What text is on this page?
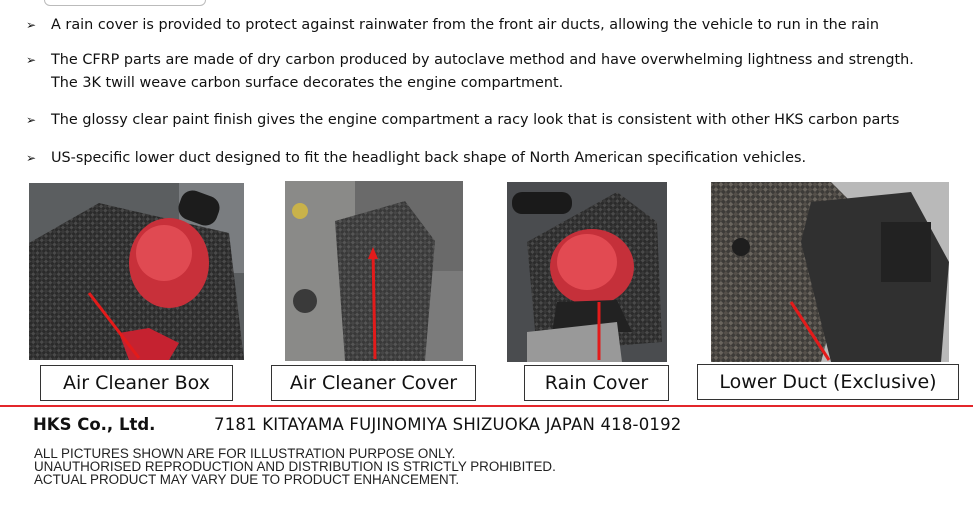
➢	A rain cover is provided to protect against rainwater from the front air ducts, allowing the vehicle to run in the rain
➢	The CFRP parts are made of dry carbon produced by autoclave method and have overwhelming lightness and strength.
The 3K twill weave carbon surface decorates the engine compartment.
➢	The glossy clear paint finish gives the engine compartment a racy look that is consistent with other HKS carbon parts
➢	US-specific lower duct designed to fit the headlight back shape of North American specification vehicles.
Air Cleaner Box	Air Cleaner Cover	Rain Cover	Lower Duct (Exclusive)
HKS Co., Ltd.	7181 KITAYAMA FUJINOMIYA SHIZUOKA JAPAN 418-0192
ALL PICTURES SHOWN ARE FOR ILLUSTRATION PURPOSE ONLY.
UNAUTHORISED REPRODUCTION AND DISTRIBUTION IS STRICTLY PROHIBITED.
ACTUAL PRODUCT MAY VARY DUE TO PRODUCT ENHANCEMENT.
